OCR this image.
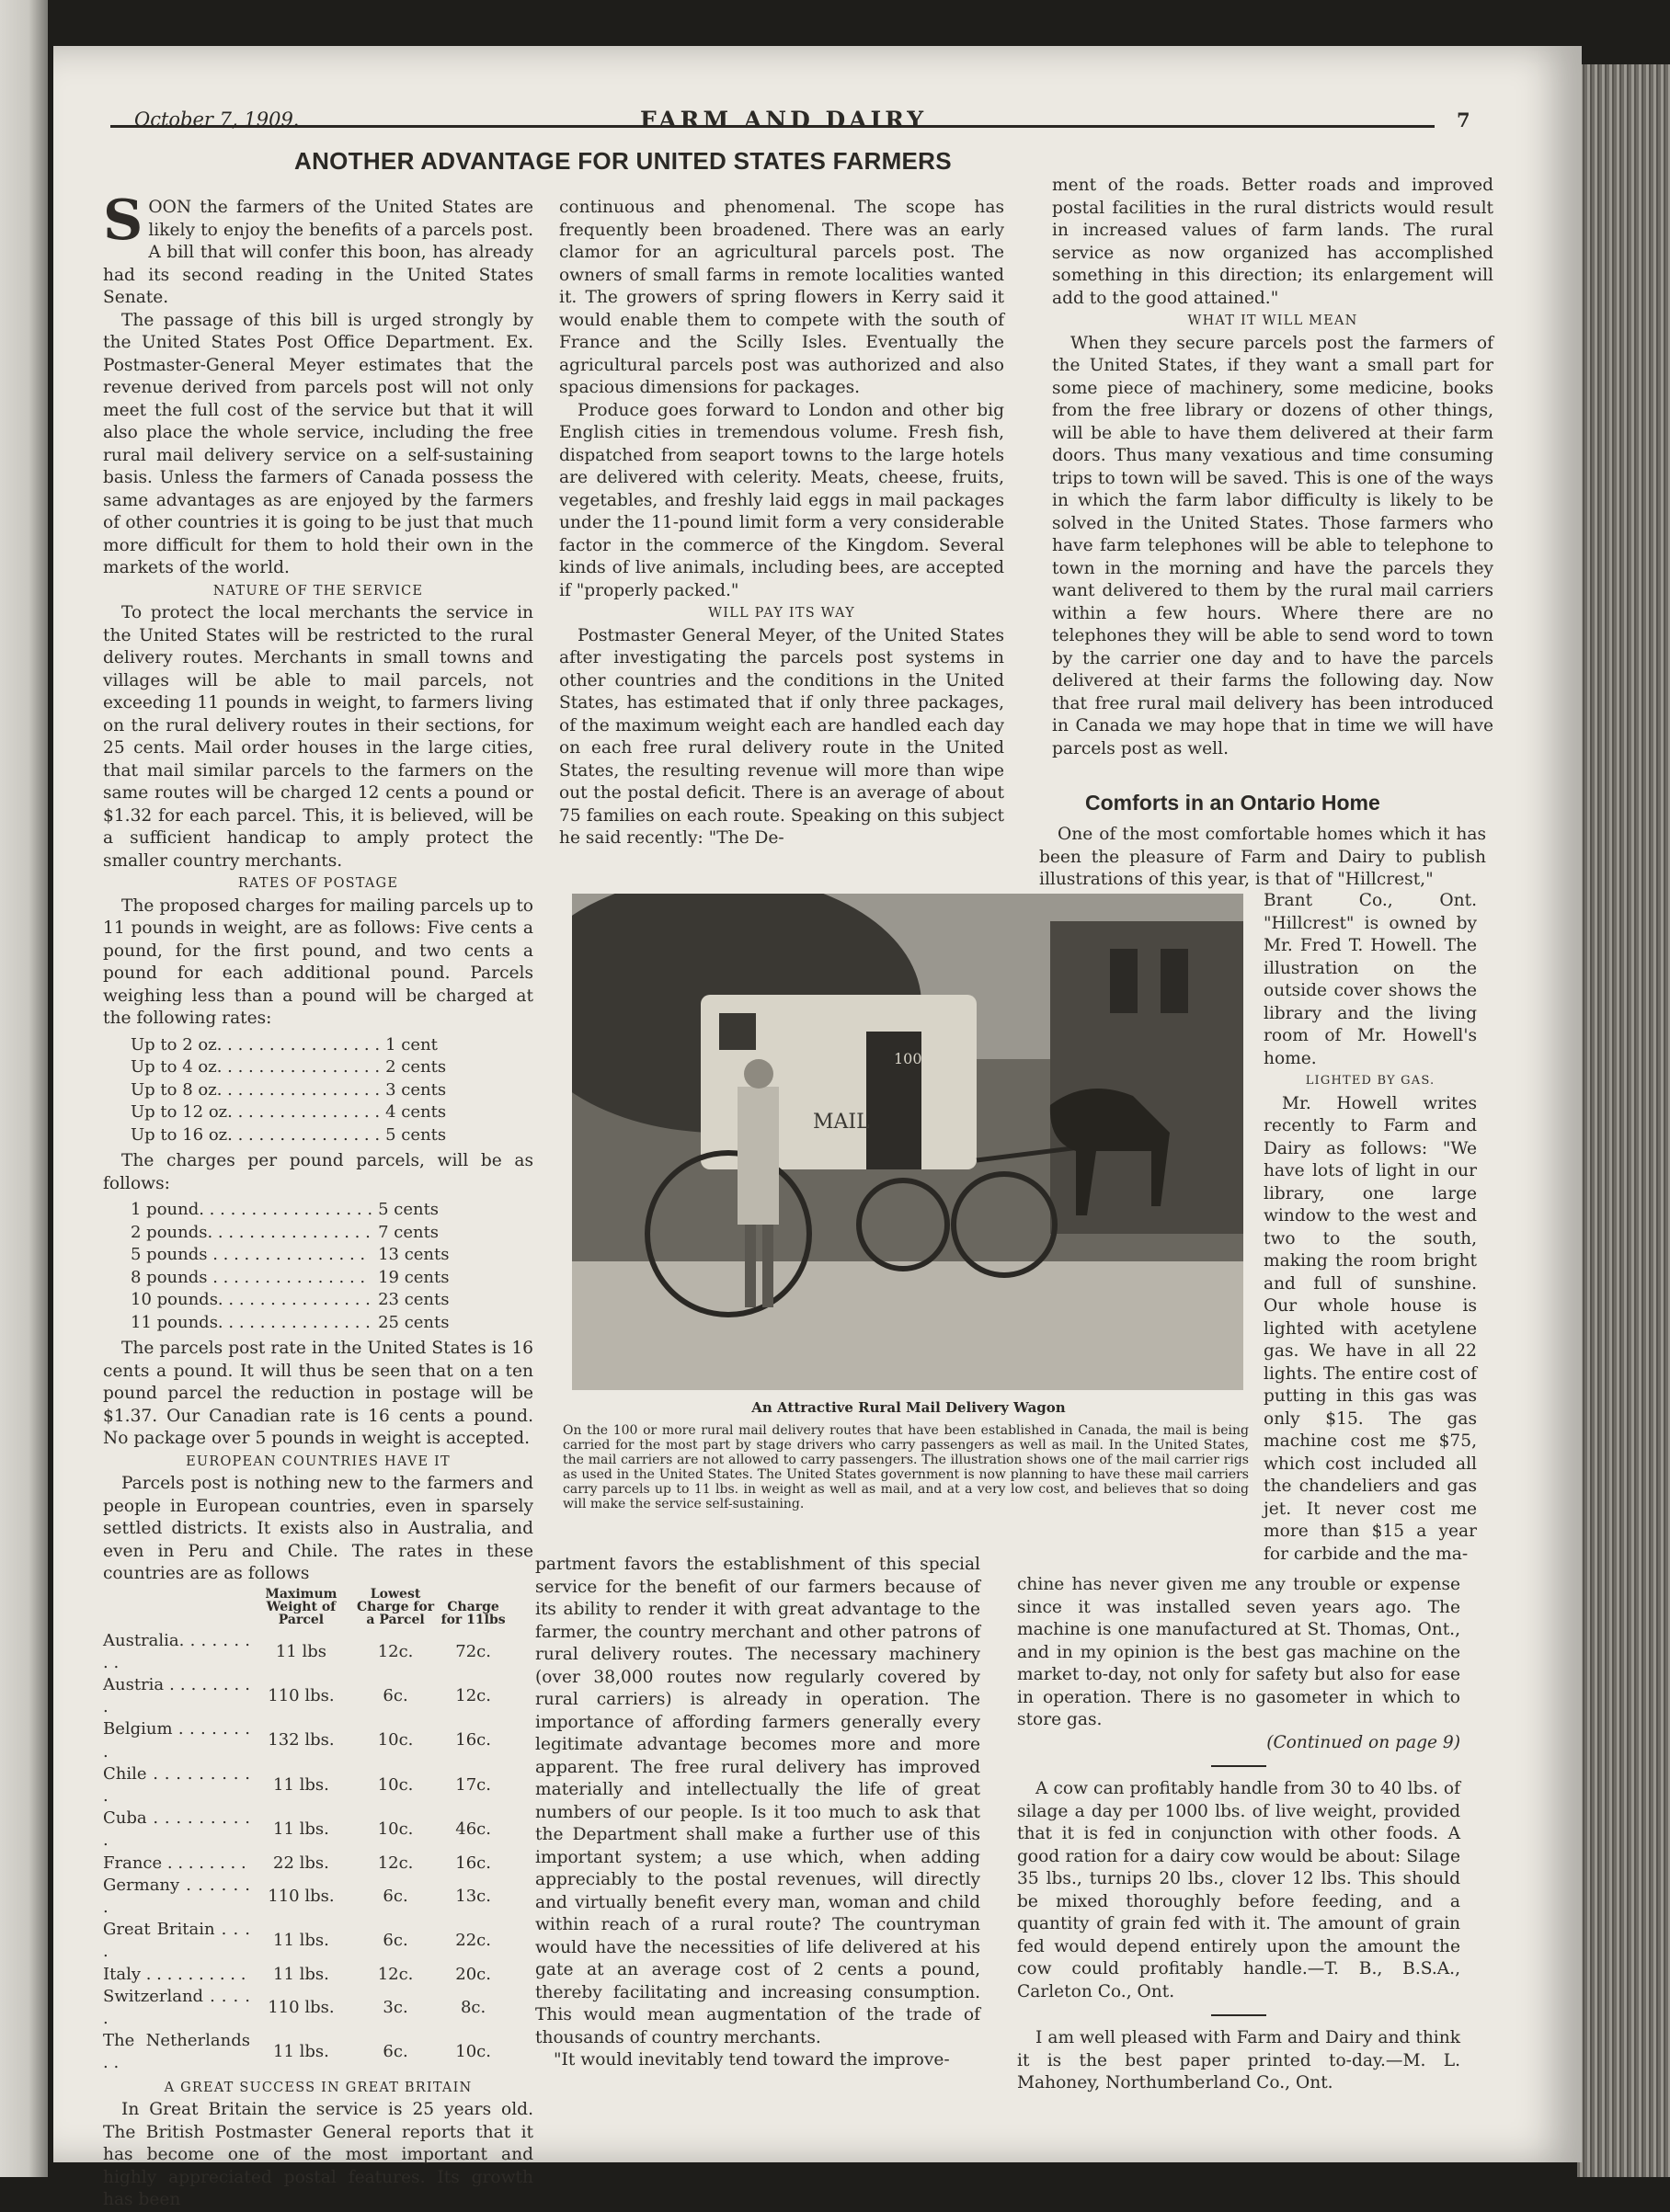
October 7, 1909.	FARM AND DAIRY	7
ANOTHER ADVANTAGE FOR UNITED STATES FARMERS

SOON the farmers of the United States are likely to enjoy the benefits of a parcels post. A bill that will confer this boon, has already had its second reading in the United States Senate.

The passage of this bill is urged strongly by the United States Post Office Department. Ex. Postmaster-General Meyer estimates that the revenue derived from parcels post will not only meet the full cost of the service but that it will also place the whole service, including the free rural mail delivery service on a self-sustaining basis. Unless the farmers of Canada possess the same advantages as are enjoyed by the farmers of other countries it is going to be just that much more difficult for them to hold their own in the markets of the world.

NATURE OF THE SERVICE

To protect the local merchants the service in the United States will be restricted to the rural delivery routes. Merchants in small towns and villages will be able to mail parcels, not exceeding 11 pounds in weight, to farmers living on the rural delivery routes in their sections, for 25 cents. Mail order houses in the large cities, that mail similar parcels to the farmers on the same routes will be charged 12 cents a pound or $1.32 for each parcel. This, it is believed, will be a sufficient handicap to amply protect the smaller country merchants.

RATES OF POSTAGE

The proposed charges for mailing parcels up to 11 pounds in weight, are as follows: Five cents a pound, for the first pound, and two cents a pound for each additional pound. Parcels weighing less than a pound will be charged at the following rates:

Up to 2 oz. . . . . . . . . . . . . . . .	1 cent
Up to 4 oz. . . . . . . . . . . . . . . .	2 cents
Up to 8 oz. . . . . . . . . . . . . . . .	3 cents
Up to 12 oz. . . . . . . . . . . . . . .	4 cents
Up to 16 oz. . . . . . . . . . . . . . .	5 cents

The charges per pound parcels, will be as follows:

1 pound. . . . . . . . . . . . . . . . .	5 cents
2 pounds. . . . . . . . . . . . . . . .	7 cents
5 pounds . . . . . . . . . . . . . . .	13 cents
8 pounds . . . . . . . . . . . . . . .	19 cents
10 pounds. . . . . . . . . . . . . . .	23 cents
11 pounds. . . . . . . . . . . . . . .	25 cents

The parcels post rate in the United States is 16 cents a pound. It will thus be seen that on a ten pound parcel the reduction in postage will be $1.37. Our Canadian rate is 16 cents a pound. No package over 5 pounds in weight is accepted.

EUROPEAN COUNTRIES HAVE IT

Parcels post is nothing new to the farmers and people in European countries, even in sparsely settled districts. It exists also in Australia, and even in Peru and Chile. The rates in these countries are as follows

	Maximum Weight of Parcel	Lowest Charge for a Parcel	Charge for 11lbs
Australia. . . . . . . . .	11 lbs	12c.	72c.
Austria . . . . . . . . .	110 lbs.	6c.	12c.
Belgium . . . . . . . .	132 lbs.	10c.	16c.
Chile . . . . . . . . . .	11 lbs.	10c.	17c.
Cuba . . . . . . . . . .	11 lbs.	10c.	46c.
France . . . . . . . .	22 lbs.	12c.	16c.
Germany . . . . . . .	110 lbs.	6c.	13c.
Great Britain . . . .	11 lbs.	6c.	22c.
Italy . . . . . . . . . .	11 lbs.	12c.	20c.
Switzerland . . . . .	110 lbs.	3c.	8c.
The Netherlands . .	11 lbs.	6c.	10c.

A GREAT SUCCESS IN GREAT BRITAIN

In Great Britain the service is 25 years old. The British Postmaster General reports that it has become one of the most important and highly appreciated postal features. Its growth has been

continuous and phenomenal. The scope has frequently been broadened. There was an early clamor for an agricultural parcels post. The owners of small farms in remote localities wanted it. The growers of spring flowers in Kerry said it would enable them to compete with the south of France and the Scilly Isles. Eventually the agricultural parcels post was authorized and also spacious dimensions for packages.

Produce goes forward to London and other big English cities in tremendous volume. Fresh fish, dispatched from seaport towns to the large hotels are delivered with celerity. Meats, cheese, fruits, vegetables, and freshly laid eggs in mail packages under the 11-pound limit form a very considerable factor in the commerce of the Kingdom. Several kinds of live animals, including bees, are accepted if "properly packed."

WILL PAY ITS WAY

Postmaster General Meyer, of the United States after investigating the parcels post systems in other countries and the conditions in the United States, has estimated that if only three packages, of the maximum weight each are handled each day on each free rural delivery route in the United States, the resulting revenue will more than wipe out the postal deficit. There is an average of about 75 families on each route. Speaking on this subject he said recently: "The De-

MAIL
100
An Attractive Rural Mail Delivery Wagon
On the 100 or more rural mail delivery routes that have been established in Canada, the mail is being carried for the most part by stage drivers who carry passengers as well as mail. In the United States, the mail carriers are not allowed to carry passengers. The illustration shows one of the mail carrier rigs as used in the United States. The United States government is now planning to have these mail carriers carry parcels up to 11 lbs. in weight as well as mail, and at a very low cost, and believes that so doing will make the service self-sustaining.

partment favors the establishment of this special service for the benefit of our farmers because of its ability to render it with great advantage to the farmer, the country merchant and other patrons of rural delivery routes. The necessary machinery (over 38,000 routes now regularly covered by rural carriers) is already in operation. The importance of affording farmers generally every legitimate advantage becomes more and more apparent. The free rural delivery has improved materially and intellectually the life of great numbers of our people. Is it too much to ask that the Department shall make a further use of this important system; a use which, when adding appreciably to the postal revenues, will directly and virtually benefit every man, woman and child within reach of a rural route? The countryman would have the necessities of life delivered at his gate at an average cost of 2 cents a pound, thereby facilitating and increasing consumption. This would mean augmentation of the trade of thousands of country merchants.

"It would inevitably tend toward the improve-

ment of the roads. Better roads and improved postal facilities in the rural districts would result in increased values of farm lands. The rural service as now organized has accomplished something in this direction; its enlargement will add to the good attained."

WHAT IT WILL MEAN

When they secure parcels post the farmers of the United States, if they want a small part for some piece of machinery, some medicine, books from the free library or dozens of other things, will be able to have them delivered at their farm doors. Thus many vexatious and time consuming trips to town will be saved. This is one of the ways in which the farm labor difficulty is likely to be solved in the United States. Those farmers who have farm telephones will be able to telephone to town in the morning and have the parcels they want delivered to them by the rural mail carriers within a few hours. Where there are no telephones they will be able to send word to town by the carrier one day and to have the parcels delivered at their farms the following day. Now that free rural mail delivery has been introduced in Canada we may hope that in time we will have parcels post as well.

Comforts in an Ontario Home

One of the most comfortable homes which it has been the pleasure of Farm and Dairy to publish illustrations of this year, is that of "Hillcrest,"

Brant Co., Ont. "Hillcrest" is owned by Mr. Fred T. Howell. The illustration on the outside cover shows the library and the living room of Mr. Howell's home.

LIGHTED BY GAS.

Mr. Howell writes recently to Farm and Dairy as follows: "We have lots of light in our library, one large window to the west and two to the south, making the room bright and full of sunshine. Our whole house is lighted with acetylene gas. We have in all 22 lights. The entire cost of putting in this gas was only $15. The gas machine cost me $75, which cost included all the chandeliers and gas jet. It never cost me more than $15 a year for carbide and the ma-

chine has never given me any trouble or expense since it was installed seven years ago. The machine is one manufactured at St. Thomas, Ont., and in my opinion is the best gas machine on the market to-day, not only for safety but also for ease in operation. There is no gasometer in which to store gas.

(Continued on page 9)

A cow can profitably handle from 30 to 40 lbs. of silage a day per 1000 lbs. of live weight, provided that it is fed in conjunction with other foods. A good ration for a dairy cow would be about: Silage 35 lbs., turnips 20 lbs., clover 12 lbs. This should be mixed thoroughly before feeding, and a quantity of grain fed with it. The amount of grain fed would depend entirely upon the amount the cow could profitably handle.—T. B., B.S.A., Carleton Co., Ont.

I am well pleased with Farm and Dairy and think it is the best paper printed to-day.—M. L. Mahoney, Northumberland Co., Ont.
